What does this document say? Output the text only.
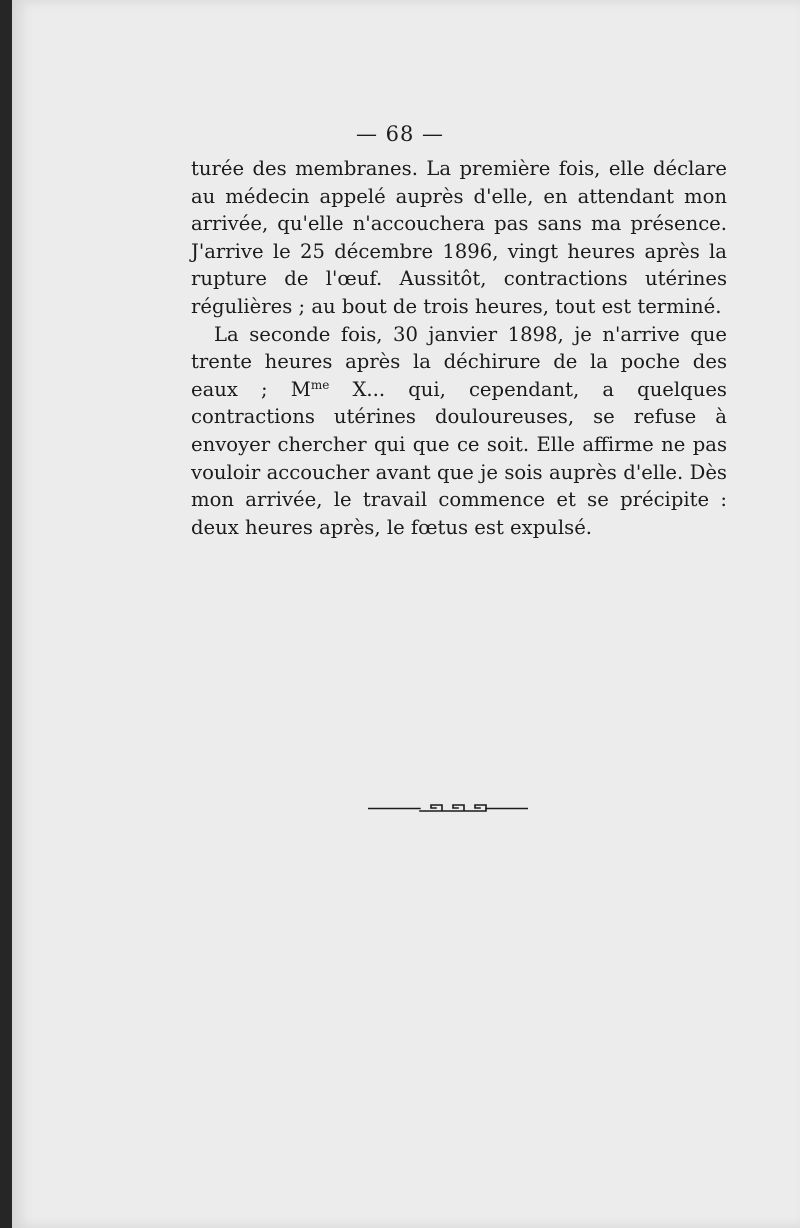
— 68 —

turée des membranes. La première fois, elle déclare au médecin appelé auprès d'elle, en attendant mon arrivée, qu'elle n'accouchera pas sans ma présence. J'arrive le 25 décembre 1896, vingt heures après la rupture de l'œuf. Aussitôt, contractions utérines régulières ; au bout de trois heures, tout est terminé.

La seconde fois, 30 janvier 1898, je n'arrive que trente heures après la déchirure de la poche des eaux ; $M^{me}$ X... qui, cependant, a quelques contractions utérines douloureuses, se refuse à envoyer chercher qui que ce soit. Elle affirme ne pas vouloir accoucher avant que je sois auprès d'elle. Dès mon arrivée, le travail commence et se précipite : deux heures après, le fœtus est expulsé.
